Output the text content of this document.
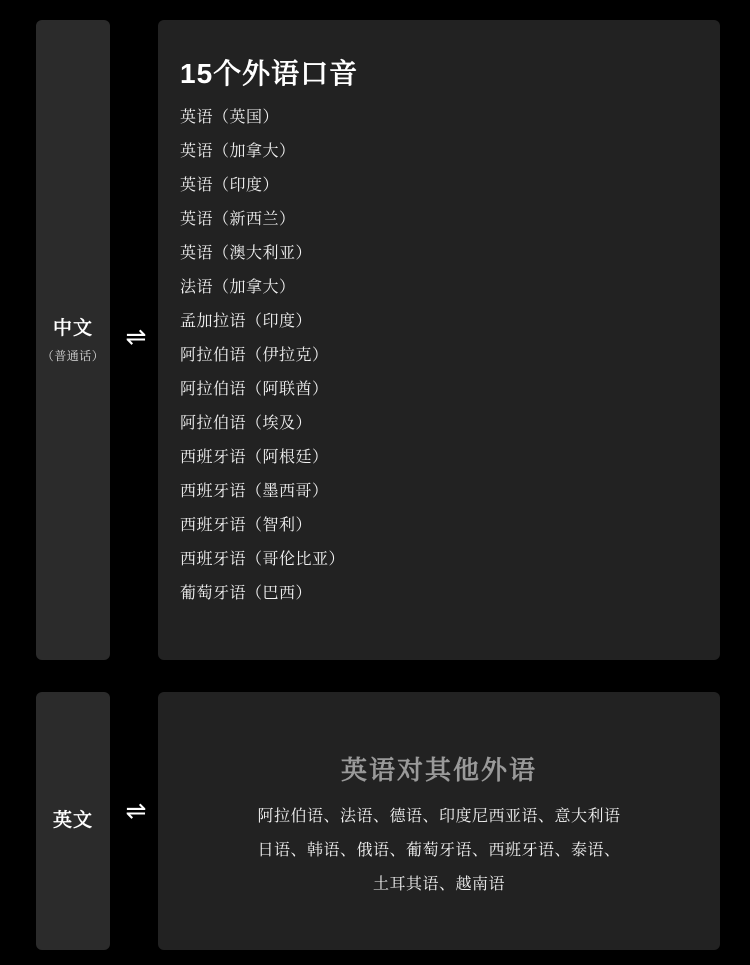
中文
（普通话）
⇌
15个外语口音
英语（英国）
英语（加拿大）
英语（印度）
英语（新西兰）
英语（澳大利亚）
法语（加拿大）
孟加拉语（印度）
阿拉伯语（伊拉克）
阿拉伯语（阿联酋）
阿拉伯语（埃及）
西班牙语（阿根廷）
西班牙语（墨西哥）
西班牙语（智利）
西班牙语（哥伦比亚）
葡萄牙语（巴西）
英文	⇌
英语对其他外语
阿拉伯语、法语、德语、印度尼西亚语、意大利语
日语、韩语、俄语、葡萄牙语、西班牙语、泰语、
土耳其语、越南语
